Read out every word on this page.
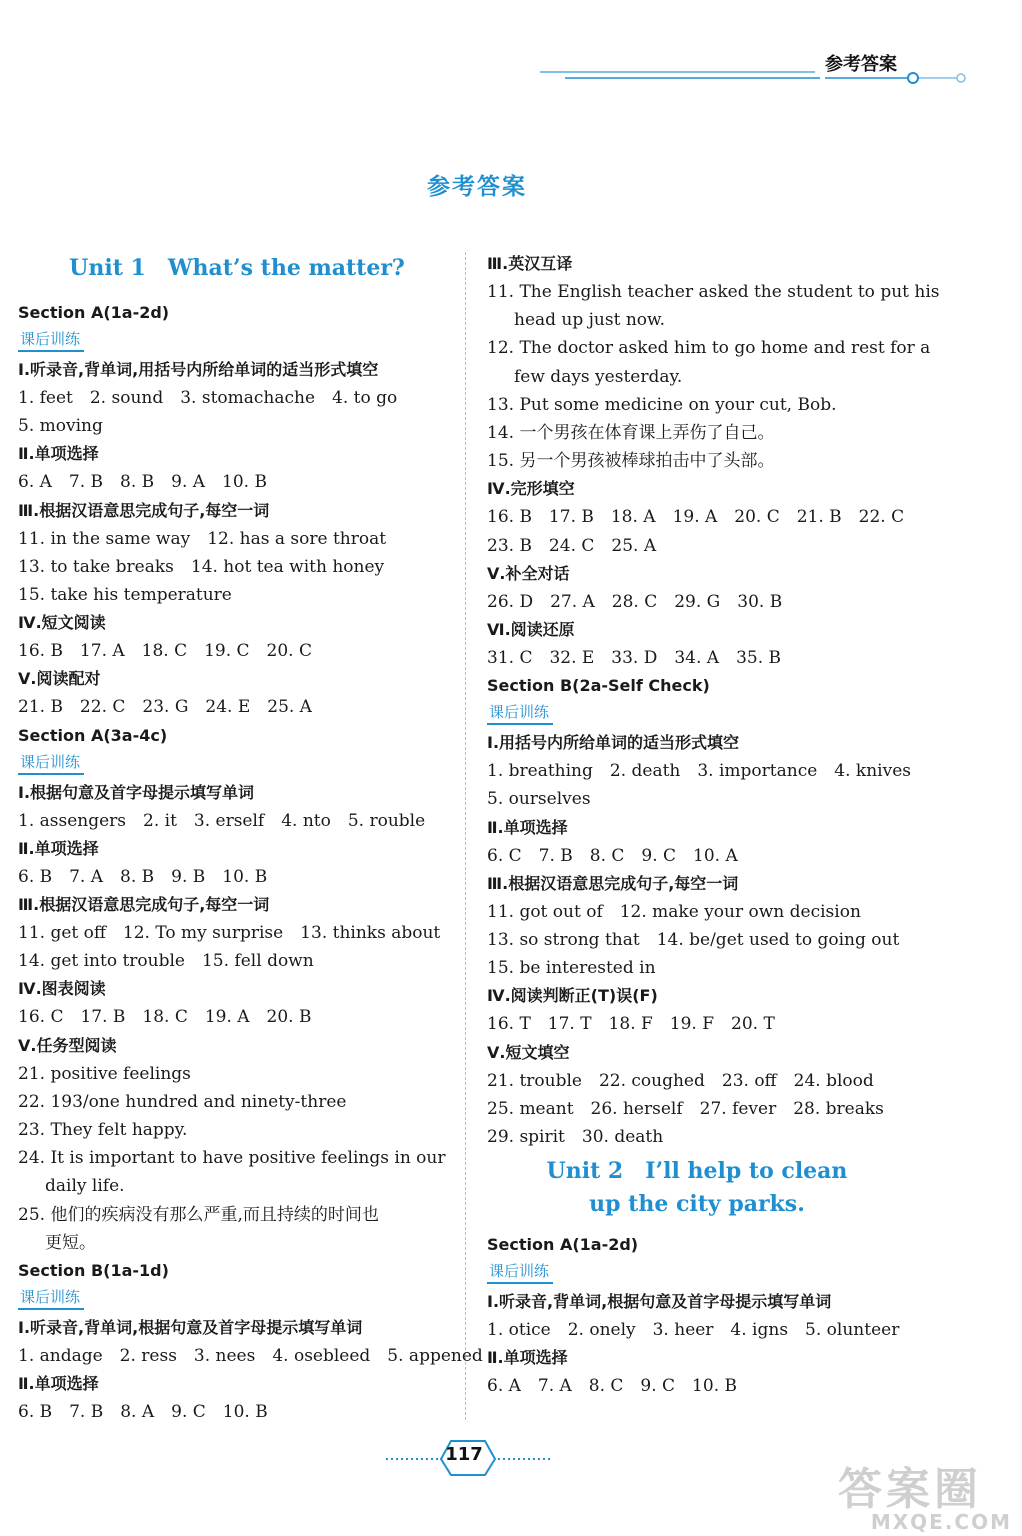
参考答案
参考答案
Unit 1　What’s the matter?
Section A(1a-2d)
课后训练
Ⅰ.听录音,背单词,用括号内所给单词的适当形式填空
1. feet　2. sound　3. stomachache　4. to go
5. moving
Ⅱ.单项选择
6. A　7. B　8. B　9. A　10. B
Ⅲ.根据汉语意思完成句子,每空一词
11. in the same way　12. has a sore throat
13. to take breaks　14. hot tea with honey
15. take his temperature
Ⅳ.短文阅读
16. B　17. A　18. C　19. C　20. C
Ⅴ.阅读配对
21. B　22. C　23. G　24. E　25. A
Section A(3a-4c)
课后训练
Ⅰ.根据句意及首字母提示填写单词
1. assengers　2. it　3. erself　4. nto　5. rouble
Ⅱ.单项选择
6. B　7. A　8. B　9. B　10. B
Ⅲ.根据汉语意思完成句子,每空一词
11. get off　12. To my surprise　13. thinks about
14. get into trouble　15. fell down
Ⅳ.图表阅读
16. C　17. B　18. C　19. A　20. B
Ⅴ.任务型阅读
21. positive feelings
22. 193/one hundred and ninety-three
23. They felt happy.
24. It is important to have positive feelings in our
daily life.
25. 他们的疾病没有那么严重,而且持续的时间也
更短。
Section B(1a-1d)
课后训练
Ⅰ.听录音,背单词,根据句意及首字母提示填写单词
1. andage　2. ress　3. nees　4. osebleed　5. appened
Ⅱ.单项选择
6. B　7. B　8. A　9. C　10. B
Ⅲ.英汉互译
11. The English teacher asked the student to put his
head up just now.
12. The doctor asked him to go home and rest for a
few days yesterday.
13. Put some medicine on your cut, Bob.
14. 一个男孩在体育课上弄伤了自己。
15. 另一个男孩被棒球拍击中了头部。
Ⅳ.完形填空
16. B　17. B　18. A　19. A　20. C　21. B　22. C
23. B　24. C　25. A
Ⅴ.补全对话
26. D　27. A　28. C　29. G　30. B
Ⅵ.阅读还原
31. C　32. E　33. D　34. A　35. B
Section B(2a-Self Check)
课后训练
Ⅰ.用括号内所给单词的适当形式填空
1. breathing　2. death　3. importance　4. knives
5. ourselves
Ⅱ.单项选择
6. C　7. B　8. C　9. C　10. A
Ⅲ.根据汉语意思完成句子,每空一词
11. got out of　12. make your own decision
13. so strong that　14. be/get used to going out
15. be interested in
Ⅳ.阅读判断正(T)误(F)
16. T　17. T　18. F　19. F　20. T
Ⅴ.短文填空
21. trouble　22. coughed　23. off　24. blood
25. meant　26. herself　27. fever　28. breaks
29. spirit　30. death
Unit 2　I’ll help to clean
up the city parks.
Section A(1a-2d)
课后训练
Ⅰ.听录音,背单词,根据句意及首字母提示填写单词
1. otice　2. onely　3. heer　4. igns　5. olunteer
Ⅱ.单项选择
6. A　7. A　8. C　9. C　10. B
117
答案圈
MXQE.COM
